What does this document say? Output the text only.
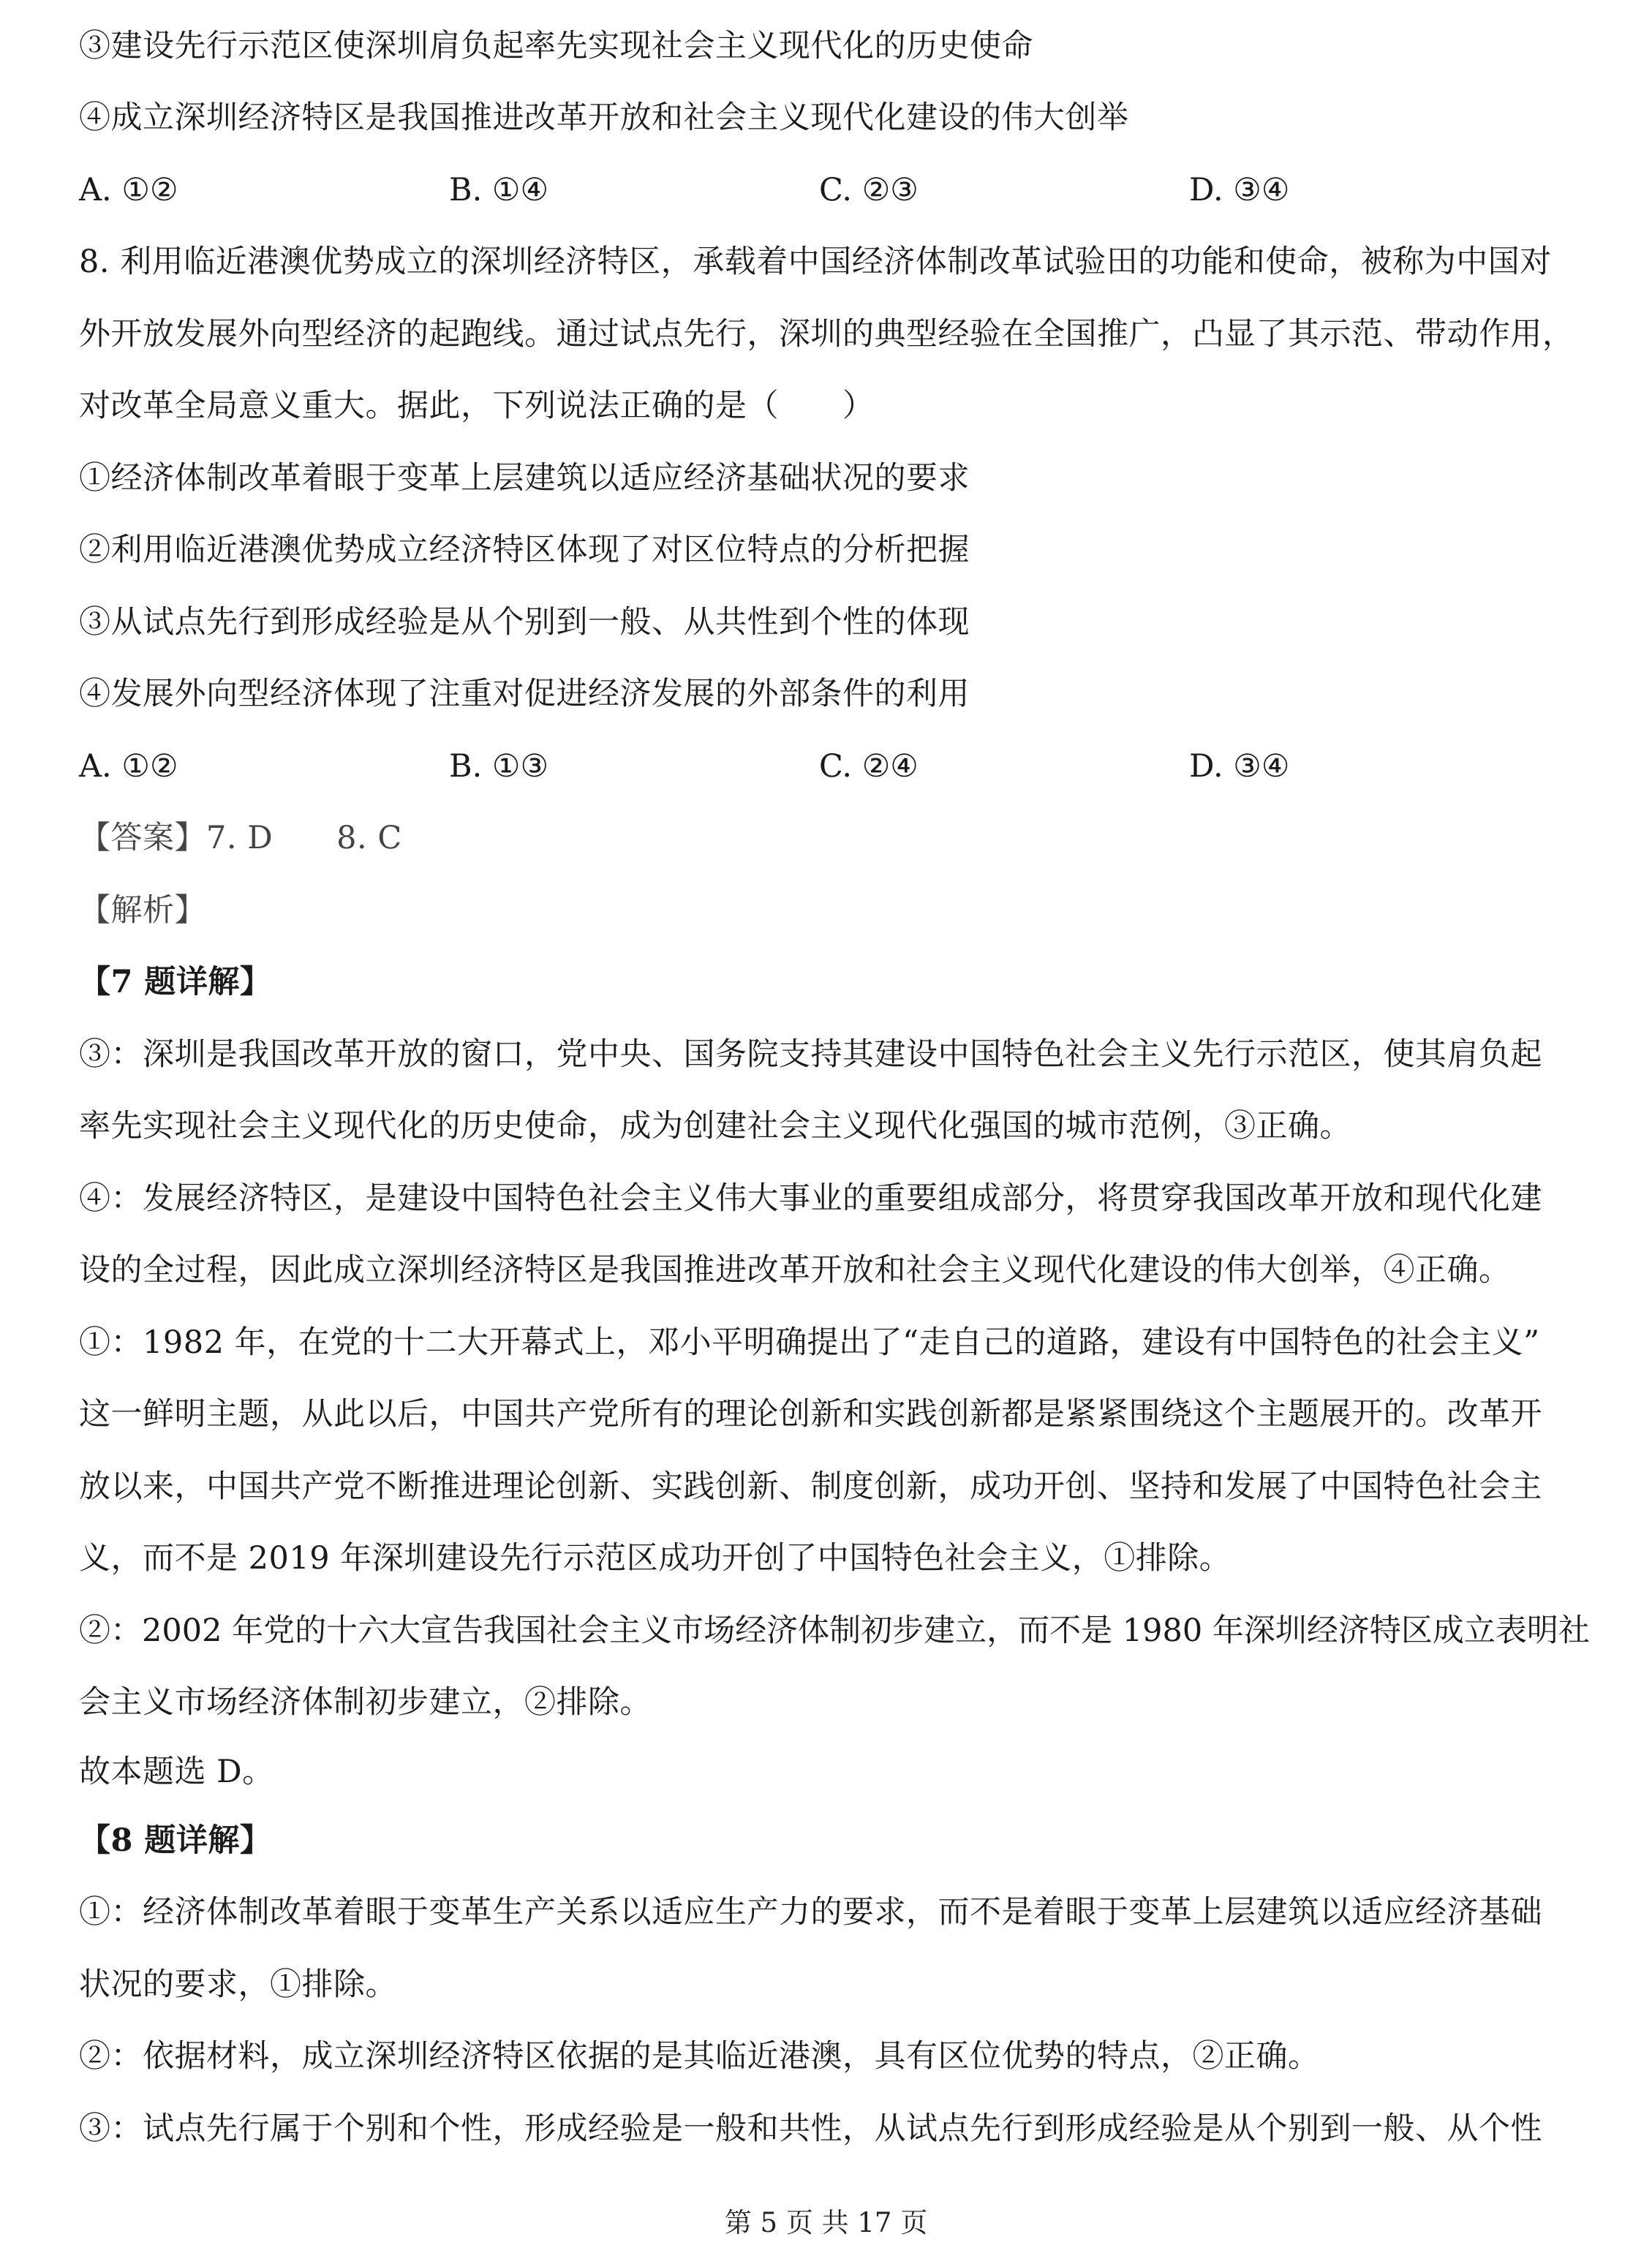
③建设先行示范区使深圳肩负起率先实现社会主义现代化的历史使命
④成立深圳经济特区是我国推进改革开放和社会主义现代化建设的伟大创举
A. ①②	B. ①④	C. ②③	D. ③④
8. 利用临近港澳优势成立的深圳经济特区，承载着中国经济体制改革试验田的功能和使命，被称为中国对
外开放发展外向型经济的起跑线。通过试点先行，深圳的典型经验在全国推广，凸显了其示范、带动作用，
对改革全局意义重大。据此，下列说法正确的是（　　）
①经济体制改革着眼于变革上层建筑以适应经济基础状况的要求
②利用临近港澳优势成立经济特区体现了对区位特点的分析把握
③从试点先行到形成经验是从个别到一般、从共性到个性的体现
④发展外向型经济体现了注重对促进经济发展的外部条件的利用
A. ①②	B. ①③	C. ②④	D. ③④
【答案】7. D　　8. C
【解析】
【7 题详解】
③：深圳是我国改革开放的窗口，党中央、国务院支持其建设中国特色社会主义先行示范区，使其肩负起
率先实现社会主义现代化的历史使命，成为创建社会主义现代化强国的城市范例，③正确。
④：发展经济特区，是建设中国特色社会主义伟大事业的重要组成部分，将贯穿我国改革开放和现代化建
设的全过程，因此成立深圳经济特区是我国推进改革开放和社会主义现代化建设的伟大创举，④正确。
①：1982 年，在党的十二大开幕式上，邓小平明确提出了“走自己的道路，建设有中国特色的社会主义”
这一鲜明主题，从此以后，中国共产党所有的理论创新和实践创新都是紧紧围绕这个主题展开的。改革开
放以来，中国共产党不断推进理论创新、实践创新、制度创新，成功开创、坚持和发展了中国特色社会主
义，而不是 2019 年深圳建设先行示范区成功开创了中国特色社会主义，①排除。
②：2002 年党的十六大宣告我国社会主义市场经济体制初步建立，而不是 1980 年深圳经济特区成立表明社
会主义市场经济体制初步建立，②排除。
故本题选 D。
【8 题详解】
①：经济体制改革着眼于变革生产关系以适应生产力的要求，而不是着眼于变革上层建筑以适应经济基础
状况的要求，①排除。
②：依据材料，成立深圳经济特区依据的是其临近港澳，具有区位优势的特点，②正确。
③：试点先行属于个别和个性，形成经验是一般和共性，从试点先行到形成经验是从个别到一般、从个性
第 5 页 共 17 页
